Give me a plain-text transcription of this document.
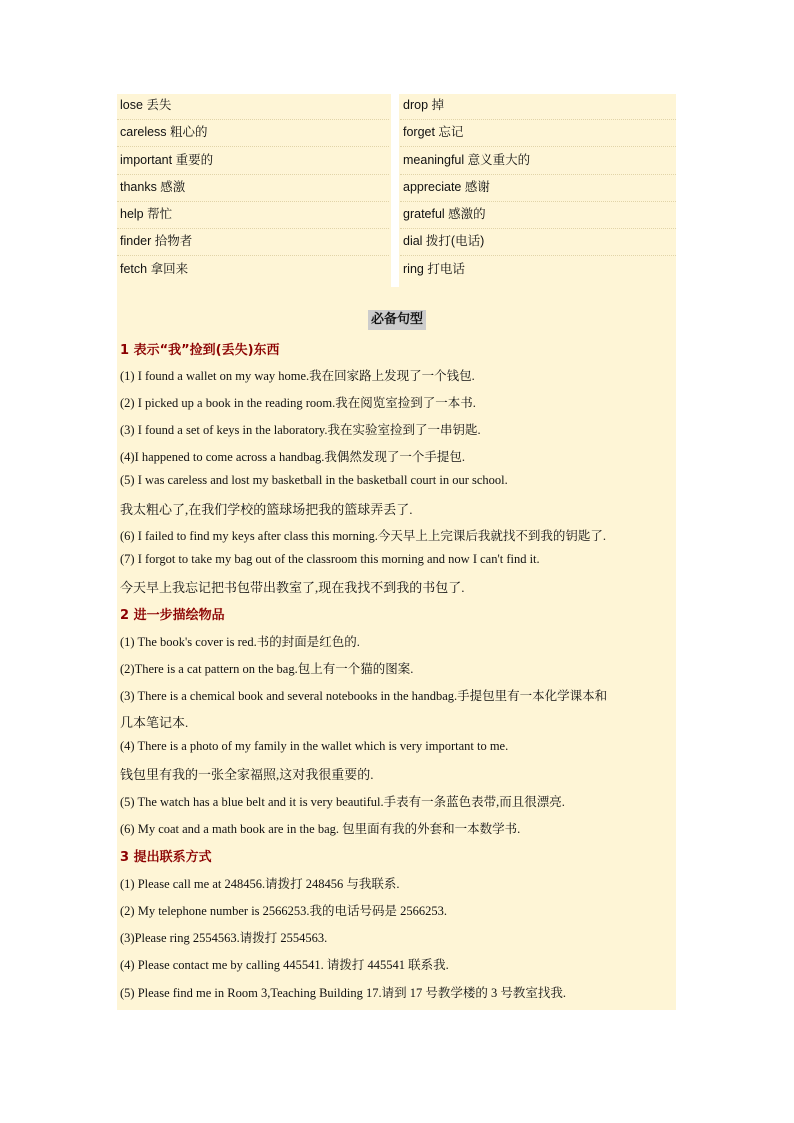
lose 丢失	drop 掉
careless 粗心的	forget 忘记
important 重要的	meaningful 意义重大的
thanks 感激	appreciate 感谢
help 帮忙	grateful 感激的
finder 拾物者	dial 拨打(电话)
fetch 拿回来	ring 打电话
必备句型
1 表示“我”捡到(丢失)东西
(1) I found a wallet on my way home.我在回家路上发现了一个钱包.
(2) I picked up a book in the reading room.我在阅览室捡到了一本书.
(3) I found a set of keys in the laboratory.我在实验室捡到了一串钥匙.
(4)I happened to come across a handbag.我偶然发现了一个手提包.
(5) I was careless and lost my basketball in the basketball court in our school.
我太粗心了,在我们学校的篮球场把我的篮球弄丢了.
(6) I failed to find my keys after class this morning.今天早上上完课后我就找不到我的钥匙了.
(7) I forgot to take my bag out of the classroom this morning and now I can't find it.
今天早上我忘记把书包带出教室了,现在我找不到我的书包了.
2 进一步描绘物品
(1) The book's cover is red.书的封面是红色的.
(2)There is a cat pattern on the bag.包上有一个猫的图案.
(3) There is a chemical book and several notebooks in the handbag.手提包里有一本化学课本和
几本笔记本.
(4) There is a photo of my family in the wallet which is very important to me.
钱包里有我的一张全家福照,这对我很重要的.
(5) The watch has a blue belt and it is very beautiful.手表有一条蓝色表带,而且很漂亮.
(6) My coat and a math book are in the bag. 包里面有我的外套和一本数学书.
3 提出联系方式
(1) Please call me at 248456.请拨打 248456 与我联系.
(2) My telephone number is 2566253.我的电话号码是 2566253.
(3)Please ring 2554563.请拨打 2554563.
(4) Please contact me by calling 445541. 请拨打 445541 联系我.
(5) Please find me in Room 3,Teaching Building 17.请到 17 号教学楼的 3 号教室找我.
